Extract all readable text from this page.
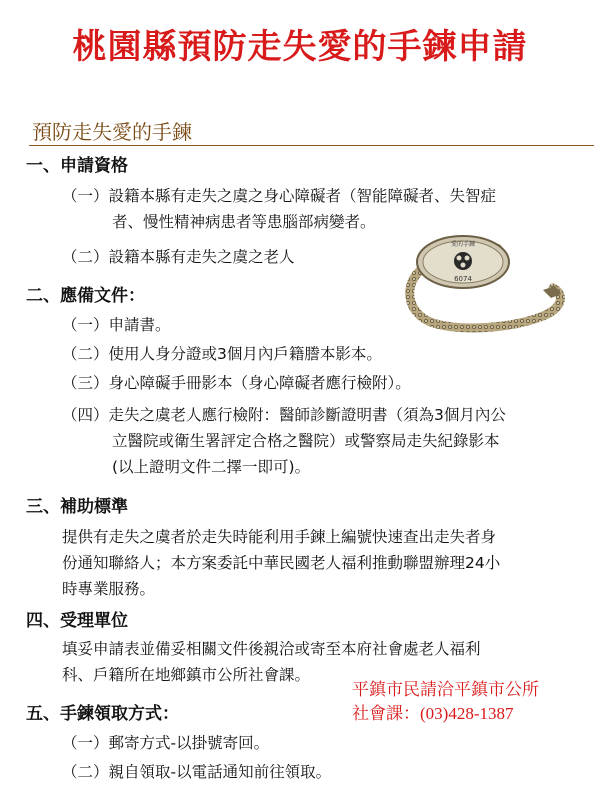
桃園縣預防走失愛的手鍊申請
預防走失愛的手鍊
一、申請資格
（一）設籍本縣有走失之虞之身心障礙者（智能障礙者、失智症
者、慢性精神病患者等患腦部病變者。
（二）設籍本縣有走失之虞之老人
二、應備文件：
（一）申請書。
（二）使用人身分證或3個月內戶籍謄本影本。
（三）身心障礙手冊影本（身心障礙者應行檢附）。
（四）走失之虞老人應行檢附：醫師診斷證明書（須為3個月內公
立醫院或衛生署評定合格之醫院）或警察局走失紀錄影本
(以上證明文件二擇一即可)。
三、補助標準
提供有走失之虞者於走失時能利用手鍊上編號快速查出走失者身
份通知聯絡人；本方案委託中華民國老人福利推動聯盟辦理24小
時專業服務。
四、受理單位
填妥申請表並備妥相關文件後親洽或寄至本府社會處老人福利
科、戶籍所在地鄉鎮市公所社會課。
五、手鍊領取方式：
（一）郵寄方式-以掛號寄回。
（二）親自領取-以電話通知前往領取。
平鎮市民請洽平鎮市公所
社會課：(03)428-1387
愛的手鍊
6074
